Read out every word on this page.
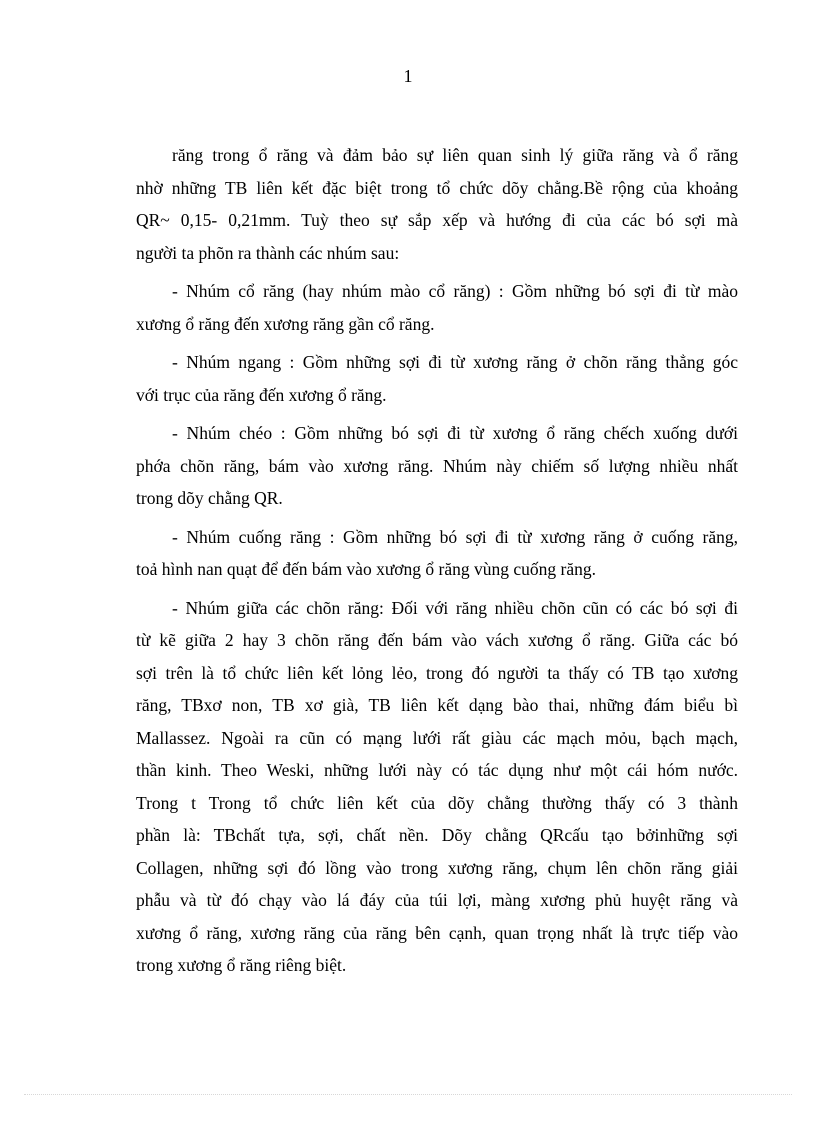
1
răng trong ổ răng và đảm bảo sự liên quan sinh lý giữa răng và ổ răng
nhờ những TB liên kết đặc biệt trong tổ chức dõy chằng.Bề rộng của khoảng
QR~ 0,15- 0,21mm. Tuỳ theo sự sắp xếp và hướng đi của các bó sợi mà
người ta phõn ra thành các nhúm sau:
- Nhúm cổ răng (hay nhúm mào cổ răng) : Gồm những bó sợi đi từ mào
xương ổ răng đến xương răng gần cổ răng.
- Nhúm ngang : Gồm những sợi đi từ xương răng ở chõn răng thẳng góc
với trục của răng đến xương ổ răng.
- Nhúm chéo : Gồm những bó sợi đi từ xương ổ răng chếch xuống dưới
phớa chõn răng, bám vào xương răng. Nhúm này chiếm số lượng nhiều nhất
trong dõy chằng QR.
- Nhúm cuống răng : Gồm những bó sợi đi từ xương răng ở cuống răng,
toả hình nan quạt để đến bám vào xương ổ răng vùng cuống răng.
- Nhúm giữa các chõn răng: Đối với răng nhiều chõn cũn có các bó sợi đi
từ kẽ giữa 2 hay 3 chõn răng đến bám vào vách xương ổ răng. Giữa các bó
sợi trên là tổ chức liên kết lỏng lẻo, trong đó người ta thấy có TB tạo xương
răng, TBxơ non, TB xơ già, TB liên kết dạng bào thai, những đám biểu bì
Mallassez. Ngoài ra cũn có mạng lưới rất giàu các mạch mỏu, bạch mạch,
thần kinh. Theo Weski, những lưới này có tác dụng như một cái hóm nước.
Trong t Trong tổ chức liên kết của dõy chằng thường thấy có 3 thành
phần là: TBchất tựa, sợi, chất nền. Dõy chằng QRcấu tạo bởinhững sợi
Collagen, những sợi đó lồng vào trong xương răng, chụm lên chõn răng giải
phẫu và từ đó chạy vào lá đáy của túi lợi, màng xương phủ huyệt răng và
xương ổ răng, xương răng của răng bên cạnh, quan trọng nhất là trực tiếp vào
trong xương ổ răng riêng biệt.
